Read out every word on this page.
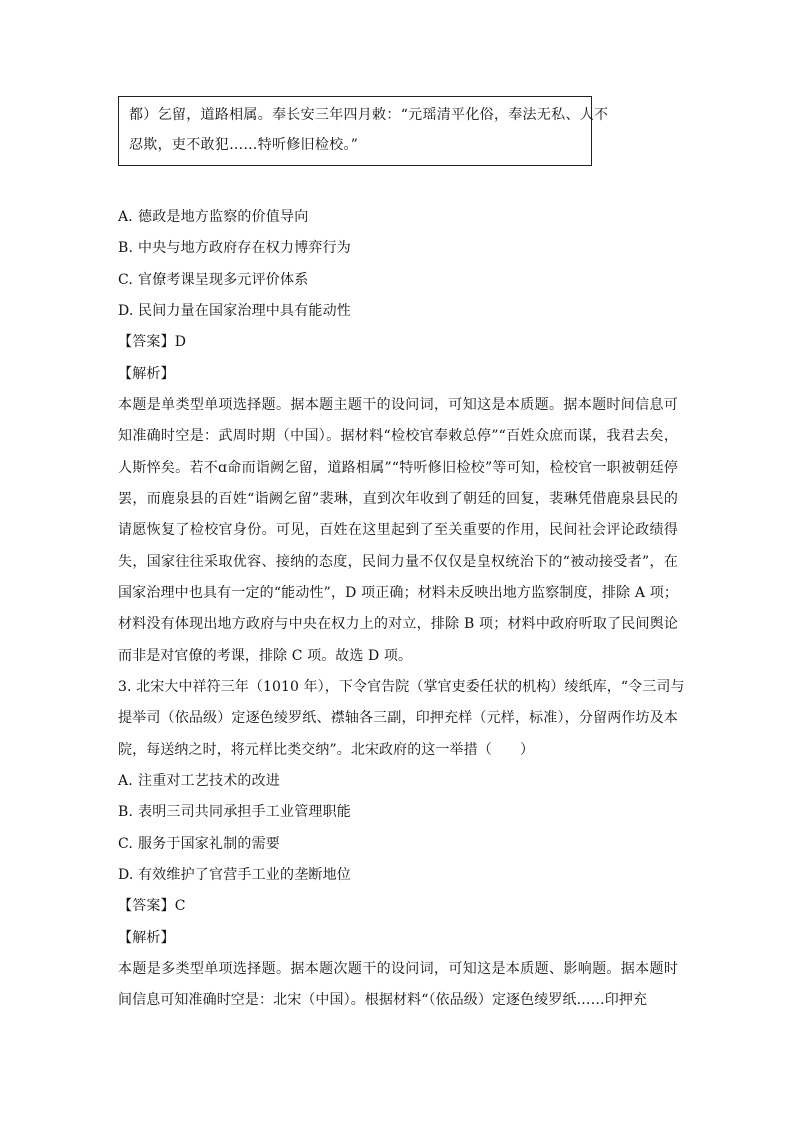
都）乞留，道路相属。奉长安三年四月敕：“元瑶清平化俗，奉法无私、人不
忍欺，吏不敢犯……特听修旧检校。”
A. 德政是地方监察的价值导向
B. 中央与地方政府存在权力博弈行为
C. 官僚考课呈现多元评价体系
D. 民间力量在国家治理中具有能动性
【答案】D
【解析】
本题是单类型单项选择题。据本题主题干的设问词，可知这是本质题。据本题时间信息可
知准确时空是：武周时期（中国）。据材料“检校官奉敕总停”“百姓众庶而谋，我君去矣，
人斯悴矣。若不ɑ命而诣阙乞留，道路相属”“特听修旧检校”等可知，检校官一职被朝廷停
罢，而鹿泉县的百姓“诣阙乞留”裴琳，直到次年收到了朝廷的回复，裴琳凭借鹿泉县民的
请愿恢复了检校官身份。可见，百姓在这里起到了至关重要的作用，民间社会评论政绩得
失，国家往往采取优容、接纳的态度，民间力量不仅仅是皇权统治下的“被动接受者”，在
国家治理中也具有一定的“能动性”，D 项正确；材料未反映出地方监察制度，排除 A 项；
材料没有体现出地方政府与中央在权力上的对立，排除 B 项；材料中政府听取了民间舆论
而非是对官僚的考课，排除 C 项。故选 D 项。
3. 北宋大中祥符三年（1010 年），下令官告院（掌官吏委任状的机构）绫纸库，“令三司与
提举司（依品级）定逐色绫罗纸、襟轴各三副，印押充样（元样，标准），分留两作坊及本
院，每送纳之时，将元样比类交纳”。北宋政府的这一举措（　　）
A. 注重对工艺技术的改进
B. 表明三司共同承担手工业管理职能
C. 服务于国家礼制的需要
D. 有效维护了官营手工业的垄断地位
【答案】C
【解析】
本题是多类型单项选择题。据本题次题干的设问词，可知这是本质题、影响题。据本题时
间信息可知准确时空是：北宋（中国）。根据材料“（依品级）定逐色绫罗纸……印押充
